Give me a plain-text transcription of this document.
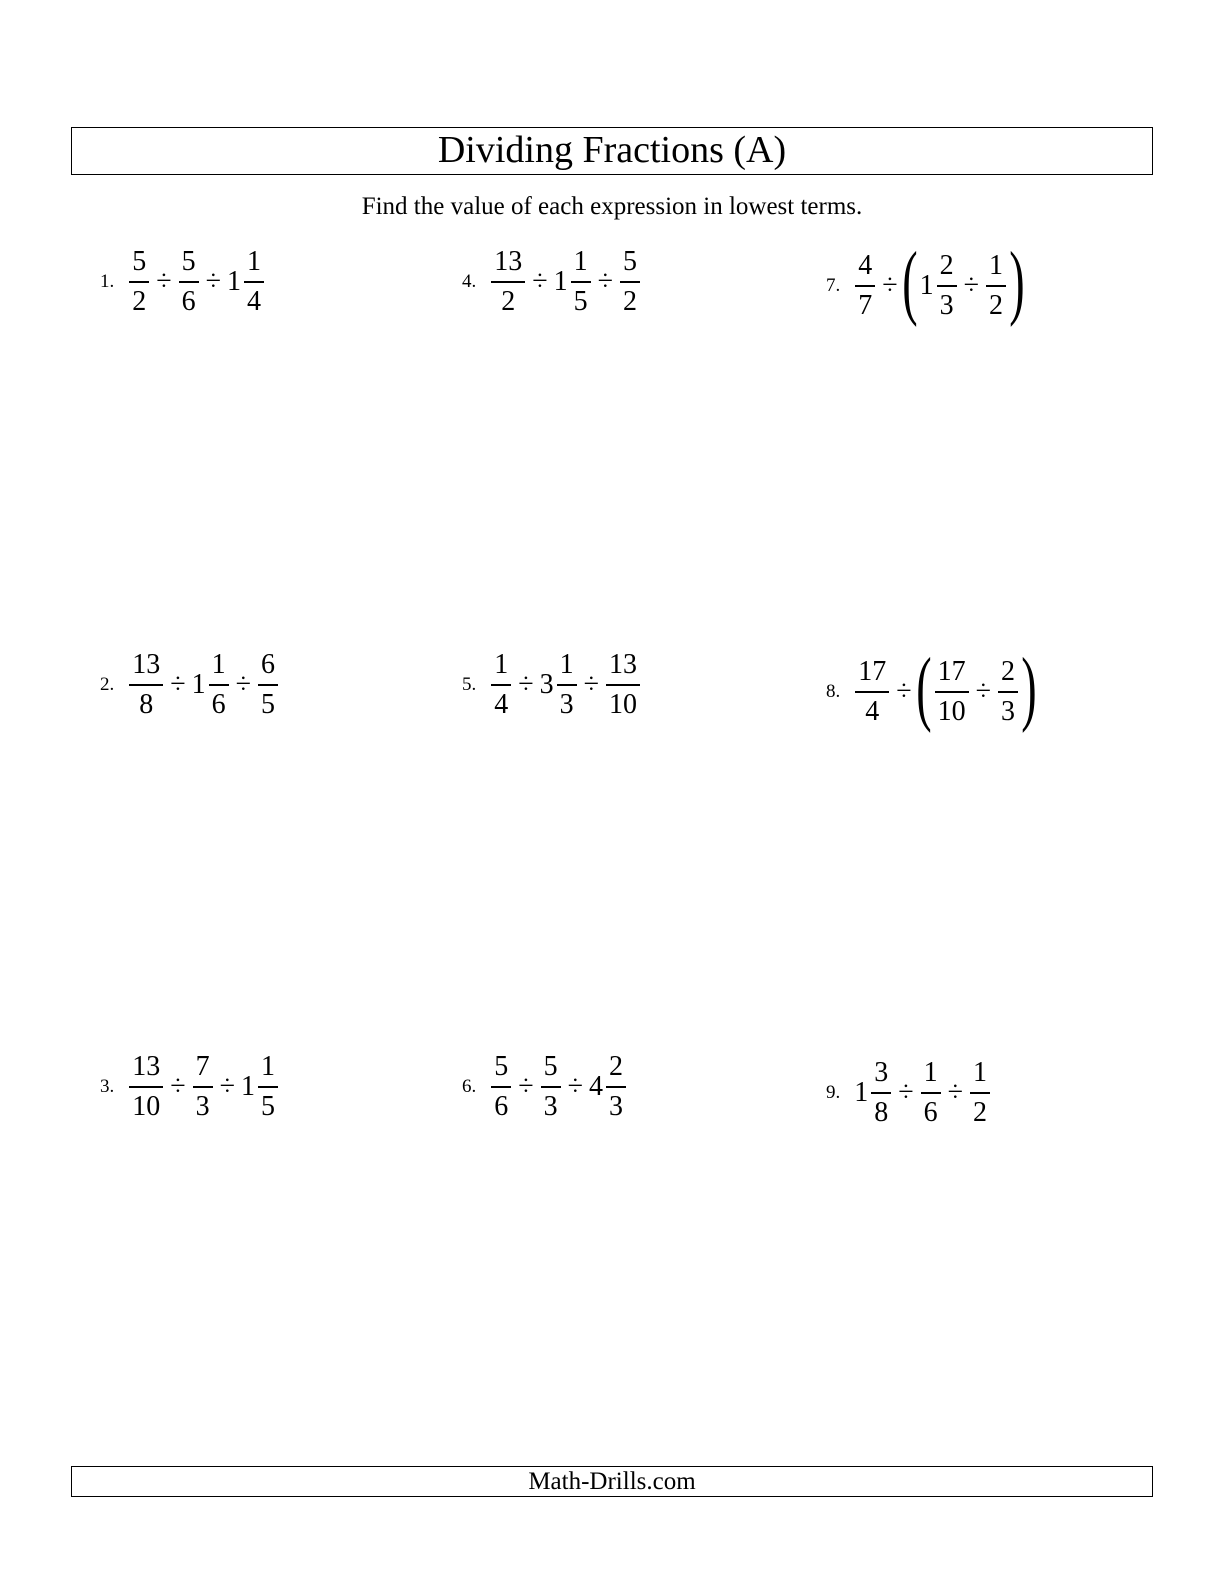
Dividing Fractions (A)
Find the value of each expression in lowest terms.
1. $\frac{5}{2} \div \frac{5}{6} \div 1 \frac{1}{4}$
2. $\frac{13}{8} \div 1 \frac{1}{6} \div \frac{6}{5}$
3. $\frac{13}{10} \div \frac{7}{3} \div 1 \frac{1}{5}$
4. $\frac{13}{2} \div 1 \frac{1}{5} \div \frac{5}{2}$
5. $\frac{1}{4} \div 3 \frac{1}{3} \div \frac{13}{10}$
6. $\frac{5}{6} \div \frac{5}{3} \div 4 \frac{2}{3}$
7. $\frac{4}{7}$ ÷ ( $1 \frac{2}{3} \div \frac{1}{2}$ )
8. $\frac{17}{4}$ ÷ ( $\frac{17}{10} \div \frac{2}{3}$ )
9. $1 \frac{3}{8} \div \frac{1}{6} \div \frac{1}{2}$
Math-Drills.com
